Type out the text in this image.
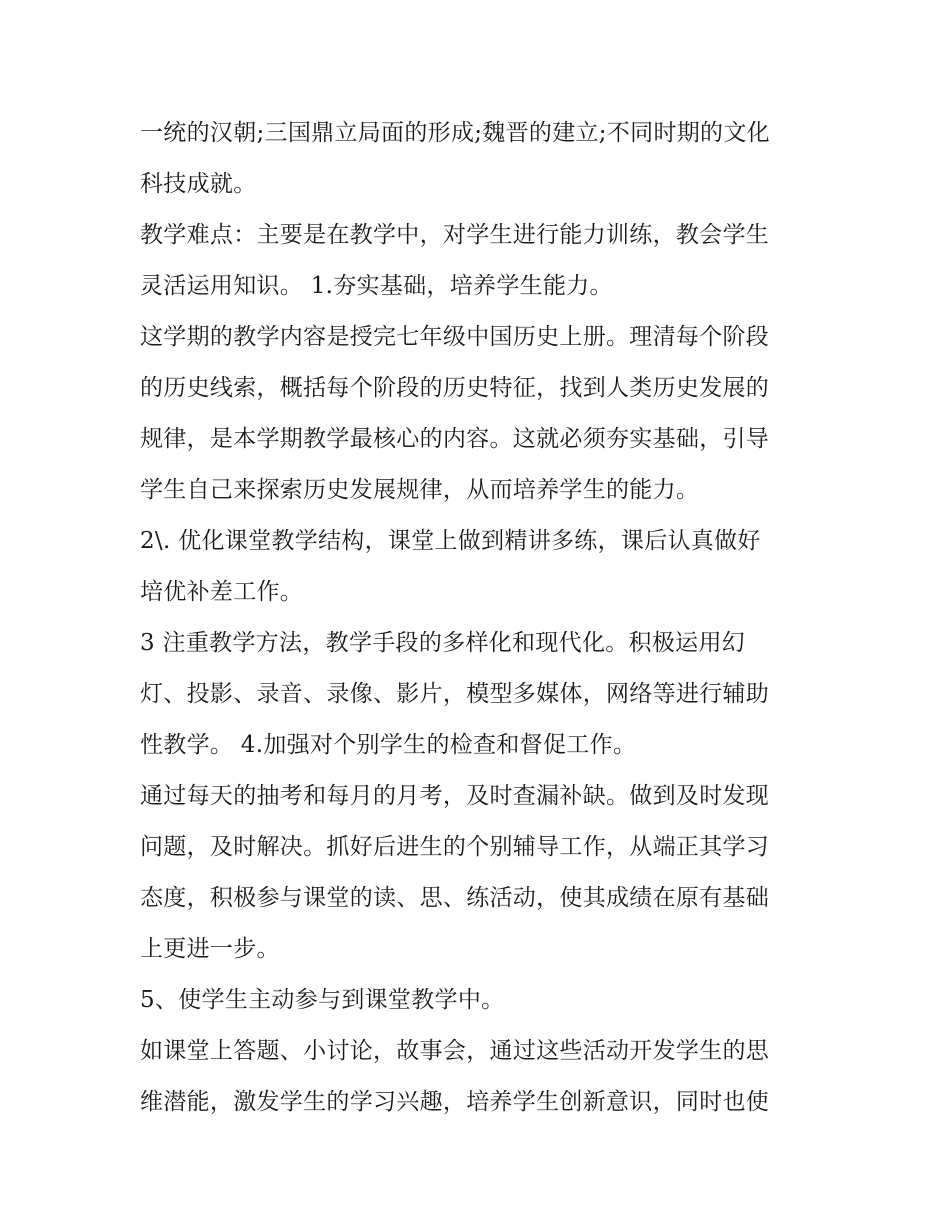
一统的汉朝;三国鼎立局面的形成;魏晋的建立;不同时期的文化
科技成就。

教学难点：主要是在教学中，对学生进行能力训练，教会学生
灵活运用知识。 1.夯实基础，培养学生能力。

这学期的教学内容是授完七年级中国历史上册。理清每个阶段
的历史线索，概括每个阶段的历史特征，找到人类历史发展的
规律，是本学期教学最核心的内容。这就必须夯实基础，引导
学生自己来探索历史发展规律，从而培养学生的能力。

2\. 优化课堂教学结构，课堂上做到精讲多练，课后认真做好
培优补差工作。

3 注重教学方法，教学手段的多样化和现代化。积极运用幻
灯、投影、录音、录像、影片，模型多媒体，网络等进行辅助
性教学。 4.加强对个别学生的检查和督促工作。

通过每天的抽考和每月的月考，及时查漏补缺。做到及时发现
问题，及时解决。抓好后进生的个别辅导工作，从端正其学习
态度，积极参与课堂的读、思、练活动，使其成绩在原有基础
上更进一步。

5、使学生主动参与到课堂教学中。

如课堂上答题、小讨论，故事会，通过这些活动开发学生的思
维潜能，激发学生的学习兴趣，培养学生创新意识，同时也使
